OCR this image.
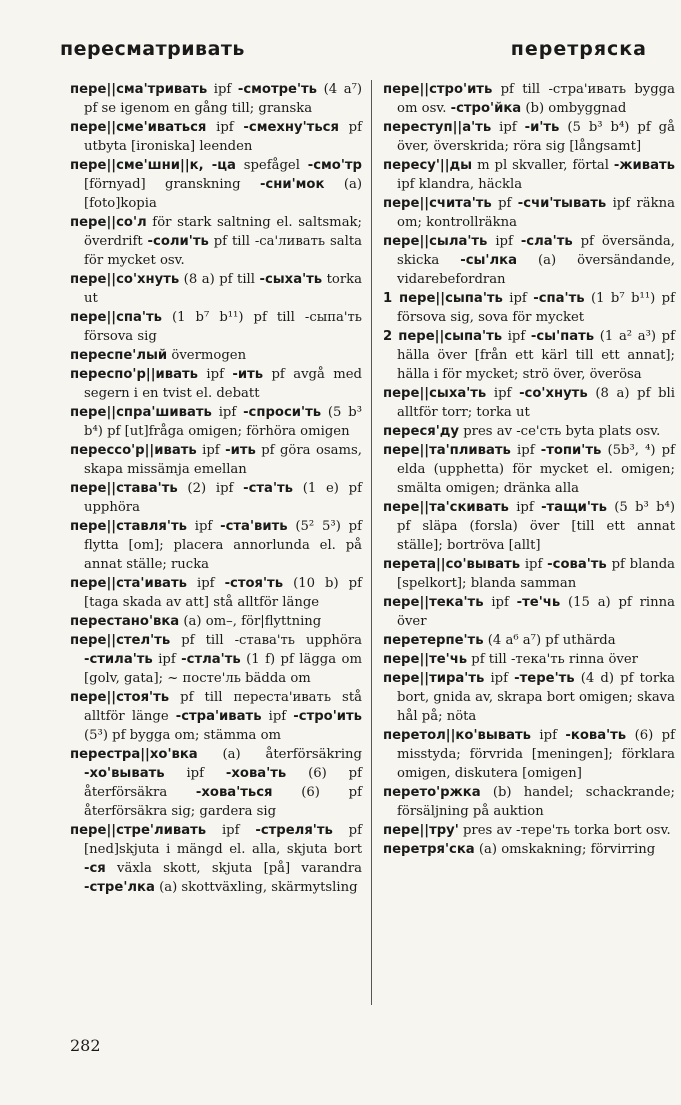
пересматривать	перетряска
пере||сма'тривать ipf -смотре'ть (4 a⁷) pf se igenom en gång till; granska
пере||сме'иваться ipf -смехну'ться pf utbyta [ironiska] leenden
пере||сме'шни||к, -ца spefågel -смо'тр [förnyad] granskning -сни'мок (a) [foto]kopia
пере||со'л för stark saltning el. saltsmak; överdrift -соли'ть pf till -са'ливать salta för mycket osv.
пере||со'хнуть (8 a) pf till -сыха'ть torka ut
пере||спа'ть (1 b⁷ b¹¹) pf till -сыпа'ть försova sig
переспе'лый övermogen
переспо'р||ивать ipf -ить pf avgå med segern i en tvist el. debatt
пере||спра'шивать ipf -спроси'ть (5 b³ b⁴) pf [ut]fråga omigen; förhöra omigen
перессо'р||ивать ipf -ить pf göra osams, skapa missämja emellan
пере||става'ть (2) ipf -ста'ть (1 e) pf upphöra
пере||ставля'ть ipf -ста'вить (5² 5³) pf flytta [om]; placera annorlunda el. på annat ställe; rucka
пере||ста'ивать ipf -стоя'ть (10 b) pf [taga skada av att] stå alltför länge
перестано'вка (a) om–, för|flyttning
пере||стел'ть pf till -става'ть upphöra -стила'ть ipf -стла'ть (1 f) pf lägga om [golv, gata]; ~ посте'ль bädda om
пере||стоя'ть pf till переста'ивать stå alltför länge -стра'ивать ipf -стро'ить (5³) pf bygga om; stämma om
перестра||хо'вка (a) återförsäkring -хо'вывать ipf -хова'ть (6) pf återförsäkra -хова'ться (6) pf återförsäkra sig; gardera sig
пере||стре'ливать ipf -стреля'ть pf [ned]skjuta i mängd el. alla, skjuta bort -ся växla skott, skjuta [på] varandra -стре'лка (a) skottväxling, skärmytsling
пере||стро'ить pf till -стра'ивать bygga om osv. -стро'йка (b) ombyggnad
переступ||а'ть ipf -и'ть (5 b³ b⁴) pf gå över, överskrida; röra sig [långsamt]
пересу'||ды m pl skvaller, förtal -живать ipf klandra, häckla
пере||счита'ть pf -счи'тывать ipf räkna om; kontrollräkna
пере||сыла'ть ipf -сла'ть pf översända, skicka -сы'лка (a) översändande, vidarebefordran
1 пере||сыпа'ть ipf -спа'ть (1 b⁷ b¹¹) pf försova sig, sova för mycket
2 пере||сыпа'ть ipf -сы'пать (1 a² a³) pf hälla över [från ett kärl till ett annat]; hälla i för mycket; strö över, överösa
пере||сыха'ть ipf -со'хнуть (8 a) pf bli alltför torr; torka ut
переся'ду pres av -се'сть byta plats osv.
пере||та'пливать ipf -топи'ть (5b³, ⁴) pf elda (upphetta) för mycket el. omigen; smälta omigen; dränka alla
пере||та'скивать ipf -тащи'ть (5 b³ b⁴) pf släpa (forsla) över [till ett annat ställe]; bortröva [allt]
перета||со'вывать ipf -сова'ть pf blanda [spelkort]; blanda samman
пере||тека'ть ipf -те'чь (15 a) pf rinna över
перетерпе'ть (4 a⁶ a⁷) pf uthärda
пере||те'чь pf till -тека'ть rinna över
пере||тира'ть ipf -тере'ть (4 d) pf torka bort, gnida av, skrapa bort omigen; skava hål på; nöta
перетол||ко'вывать ipf -кова'ть (6) pf misstyda; förvrida [meningen]; förklara omigen, diskutera [omigen]
перето'ржка (b) handel; schackrande; försäljning på auktion
пере||тру' pres av -тере'ть torka bort osv.
перетря'ска (a) omskakning; förvirring
282
